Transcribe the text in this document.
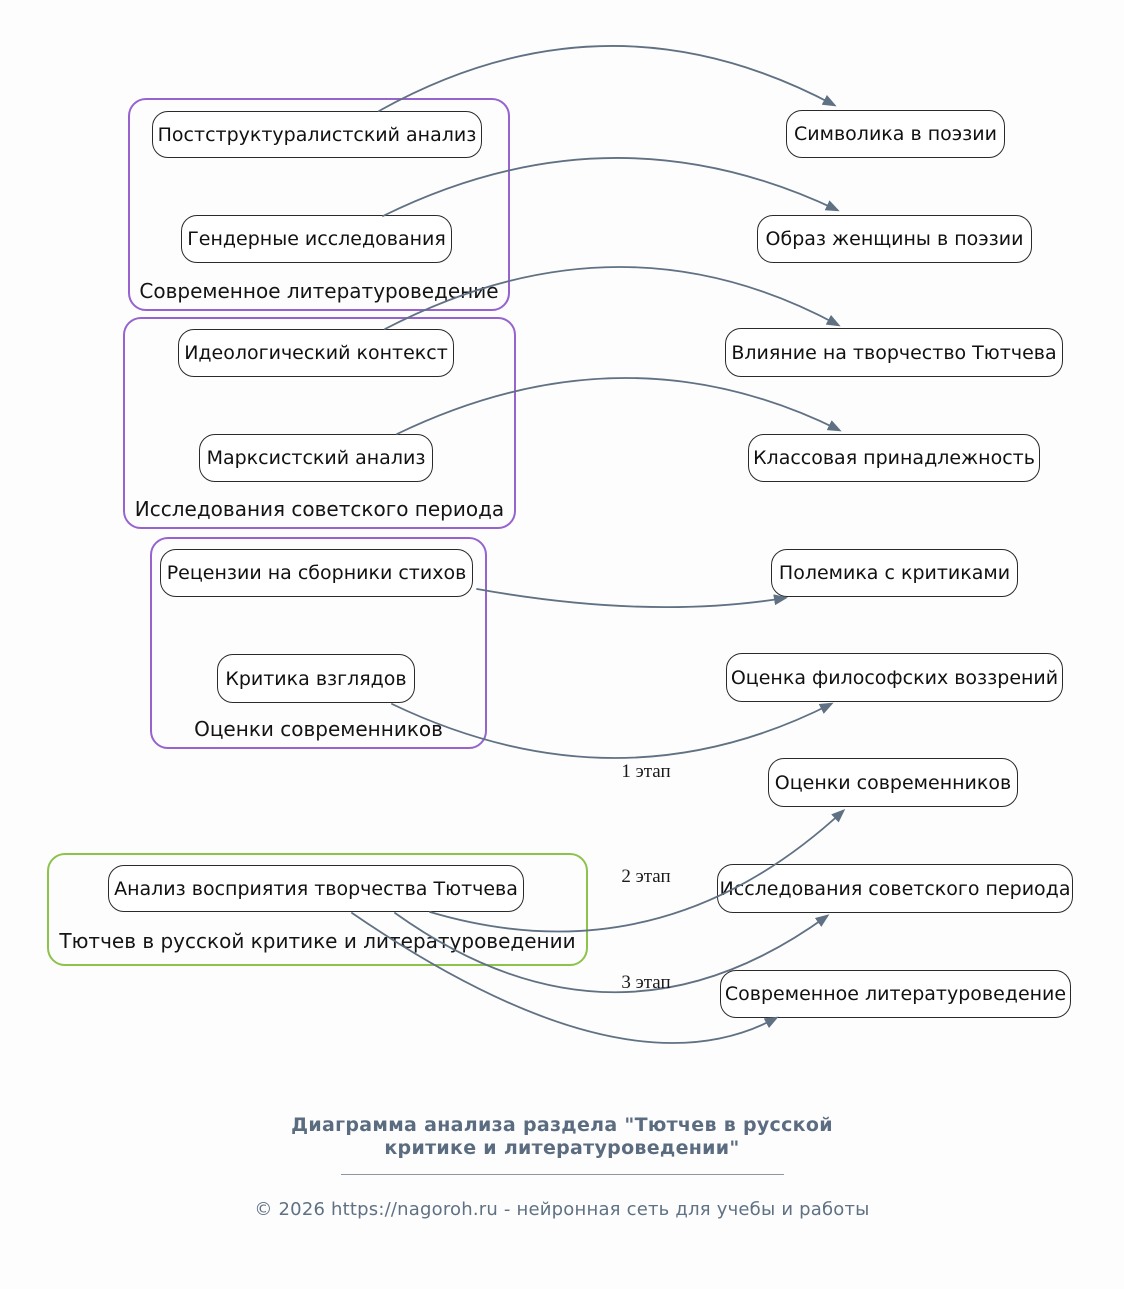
Современное литературоведение
Исследования советского периода
Оценки современников
Тютчев в русской критике и литературоведении
Постструктуралистский анализ
Гендерные исследования
Идеологический контекст
Марксистский анализ
Рецензии на сборники стихов
Критика взглядов
Анализ восприятия творчества Тютчева
Символика в поэзии
Образ женщины в поэзии
Влияние на творчество Тютчева
Классовая принадлежность
Полемика с критиками
Оценка философских воззрений
Оценки современников
Исследования советского периода
Современное литературоведение
1 этап
2 этап
3 этап
Диаграмма анализа раздела "Тютчев в русской
критике и литературоведении"
© 2026 https://nagoroh.ru - нейронная сеть для учебы и работы
